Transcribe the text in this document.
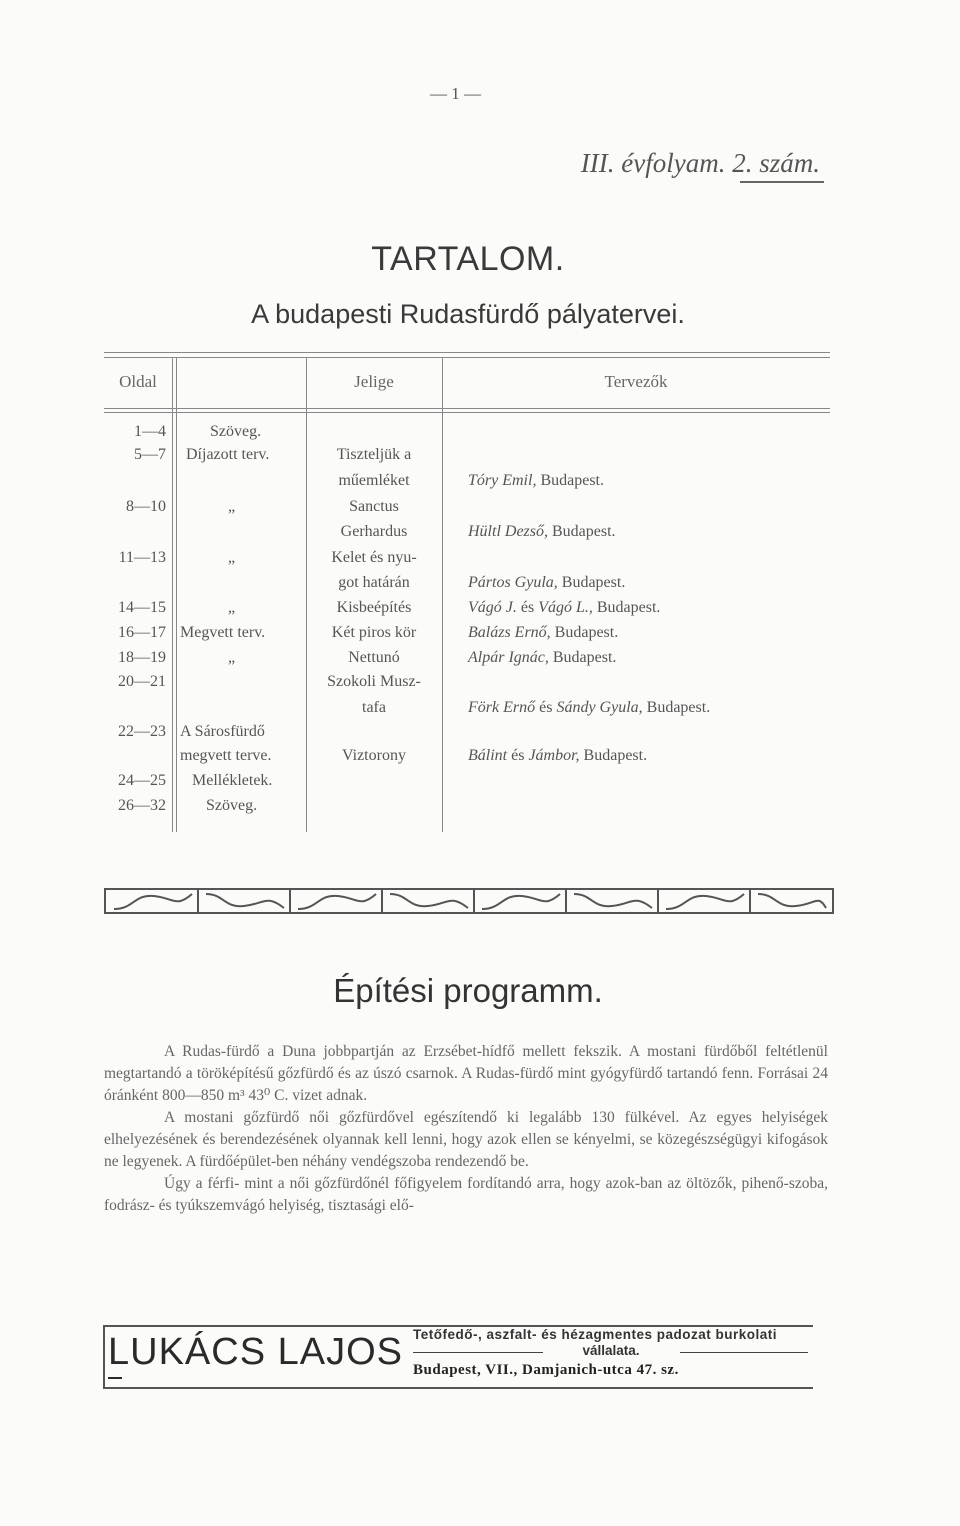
— 1 —
III. évfolyam. 2. szám.
TARTALOM.
A budapesti Rudasfürdő pályatervei.
Oldal	Jelige	Tervezők
1—4
5—7
8—10
11—13
14—15
16—17
18—19
20—21
22—23
24—25
26—32
Szöveg.
Díjazott terv.
„
„
„
Megvett terv.
„
A Sárosfürdő
megvett terve.
Mellékletek.
Szöveg.
Tiszteljük a
műemléket
Sanctus
Gerhardus
Kelet és nyu-
got határán
Kisbeépítés
Két piros kör
Nettunó
Szokoli Musz-
tafa
Viztorony
Tóry Emil, Budapest.
Hültl Dezső, Budapest.
Pártos Gyula, Budapest.
Vágó J. és Vágó L., Budapest.
Balázs Ernő, Budapest.
Alpár Ignác, Budapest.
Förk Ernő és Sándy Gyula, Budapest.
Bálint és Jámbor, Budapest.
Építési programm.

A Rudas-fürdő a Duna jobbpartján az Erzsébet-hídfő mellett fekszik. A mostani fürdőből feltétlenül megtartandó a töröképítésű gőzfürdő és az úszó csarnok. A Rudas-fürdő mint gyógyfürdő tartandó fenn. Forrásai 24 óránként 800—850 m³ 43⁰ C. vizet adnak.

A mostani gőzfürdő női gőzfürdővel egészítendő ki legalább 130 fülkével. Az egyes helyiségek elhelyezésének és berendezésének olyannak kell lenni, hogy azok ellen se kényelmi, se közegészségügyi kifogások ne legyenek. A fürdőépület-ben néhány vendégszoba rendezendő be.

Úgy a férfi- mint a női gőzfürdőnél főfigyelem fordítandó arra, hogy azok-ban az öltözők, pihenő-szoba, fodrász- és tyúkszemvágó helyiség, tisztasági elő-

LUKÁCS LAJOS Tetőfedő-, aszfalt- és hézagmentes padozat burkolati
vállalata.
Budapest, VII., Damjanich-utca 47. sz.
